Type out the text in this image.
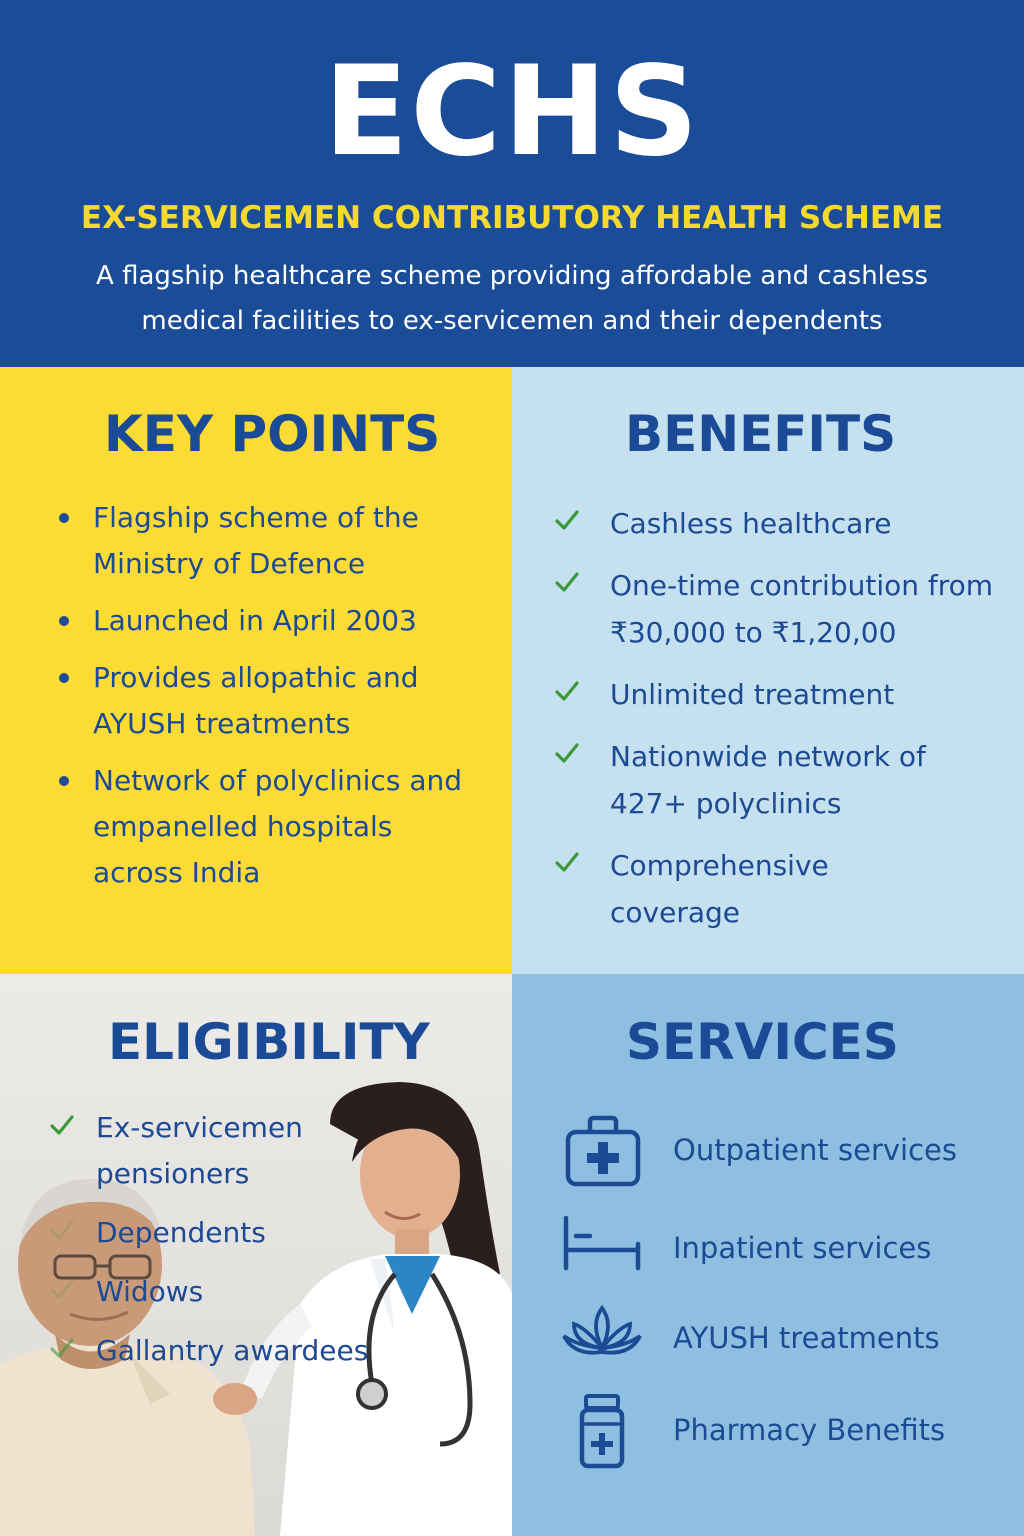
ECHS
EX-SERVICEMEN CONTRIBUTORY HEALTH SCHEME
A flagship healthcare scheme providing affordable and cashless medical facilities to ex-servicemen and their dependents
KEY POINTS
Flagship scheme of the Ministry of Defence
Launched in April 2003
Provides allopathic and AYUSH treatments
Network of polyclinics and empanelled hospitals across India
BENEFITS
Cashless healthcare
One-time contribution from ₹30,000 to ₹1,20,00
Unlimited treatment
Nationwide network of 427+ polyclinics
Comprehensive coverage
ELIGIBILITY
Ex-servicemen pensioners
Dependents
Widows
Gallantry awardees
SERVICES
Outpatient services
Inpatient services
AYUSH treatments
Pharmacy Benefits
